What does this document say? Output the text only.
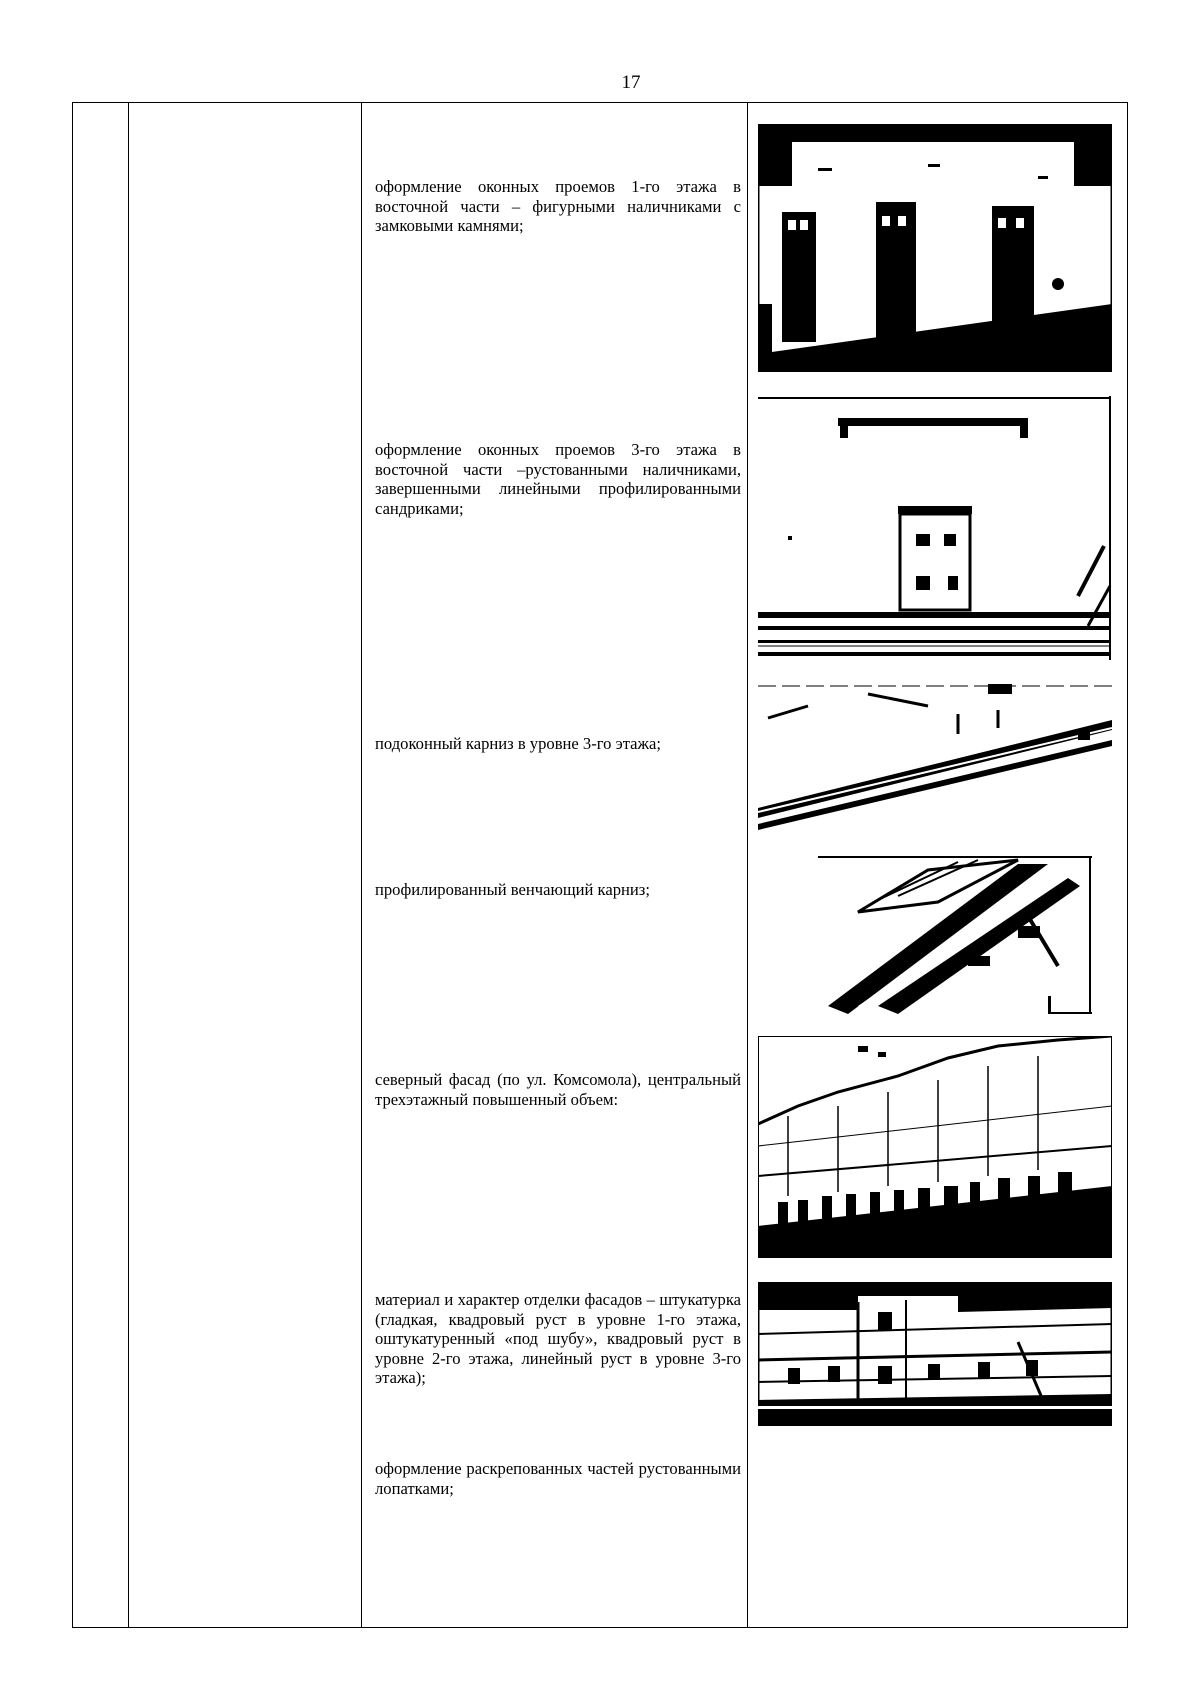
17
оформление оконных проемов 1-го этажа в восточной части – фигурными наличниками с замковыми камнями;
оформление оконных проемов 3-го этажа в восточной части –рустованными наличниками, завершенными линейными профилированными сандриками;
подоконный карниз в уровне 3-го этажа;
профилированный венчающий карниз;
северный фасад (по ул. Комсомола), центральный трехэтажный повышенный объем:
материал и характер отделки фасадов – штукатурка (гладкая, квадровый руст в уровне 1-го этажа, оштукатуренный «под шубу», квадровый руст в уровне 2-го этажа, линейный руст в уровне 3-го этажа);
оформление раскрепованных частей рустованными лопатками;
